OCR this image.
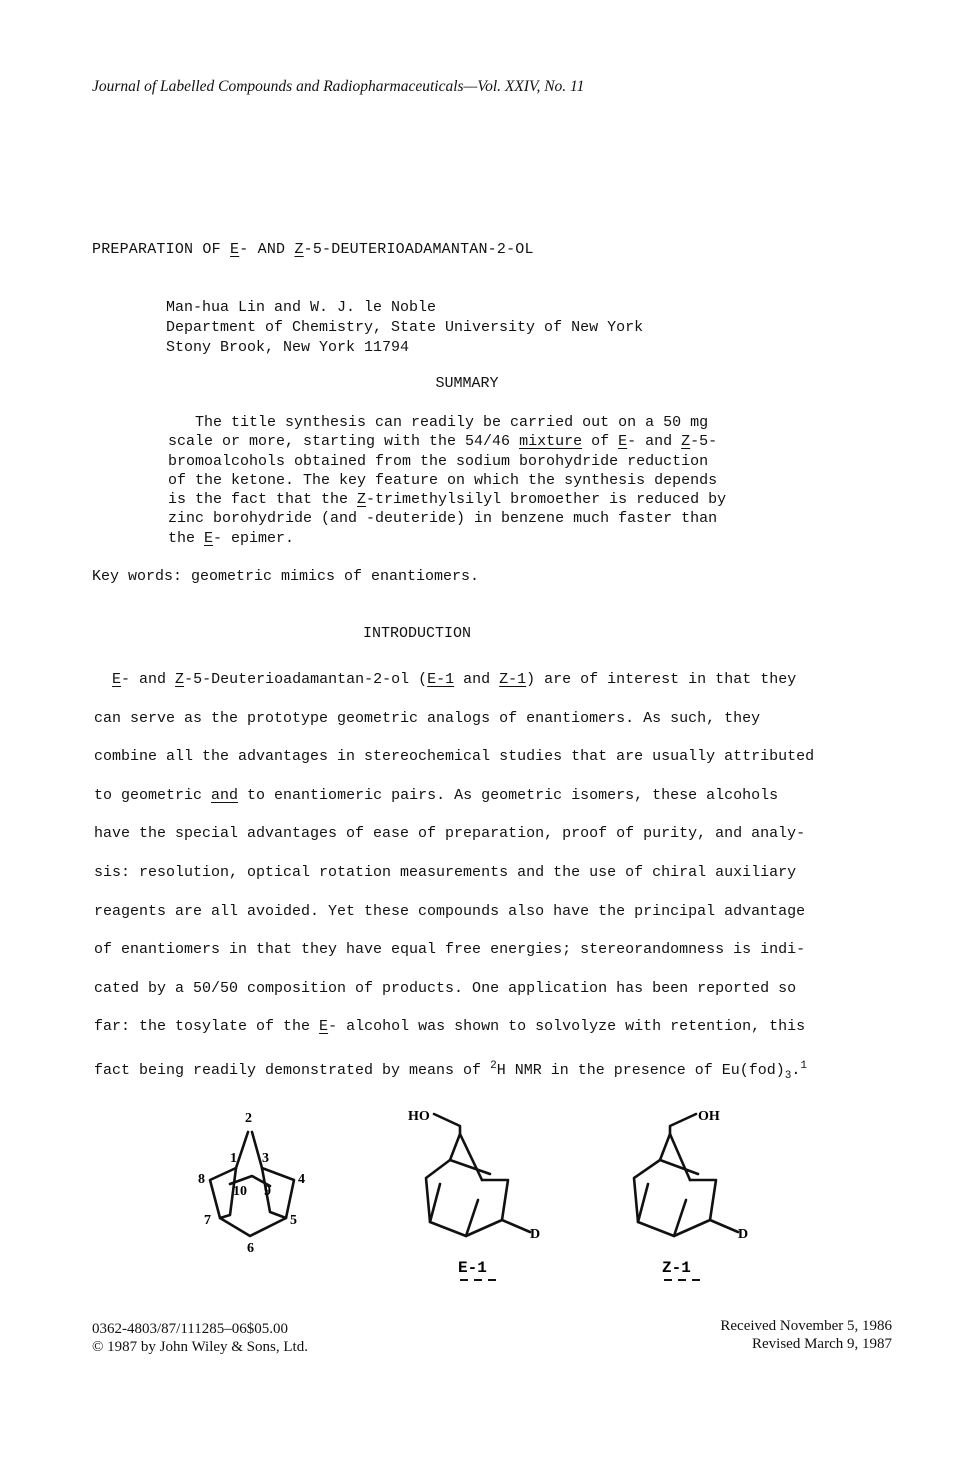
Journal of Labelled Compounds and Radiopharmaceuticals—Vol. XXIV, No. 11
PREPARATION OF E- AND Z-5-DEUTERIOADAMANTAN-2-OL
Man-hua Lin and W. J. le Noble
Department of Chemistry, State University of New York
Stony Brook, New York 11794
SUMMARY
The title synthesis can readily be carried out on a 50 mg
scale or more, starting with the 54/46 mixture of E- and Z-5-
bromoalcohols obtained from the sodium borohydride reduction
of the ketone. The key feature on which the synthesis depends
is the fact that the Z-trimethylsilyl bromoether is reduced by
zinc borohydride (and -deuteride) in benzene much faster than
the E- epimer.
Key words: geometric mimics of enantiomers.
INTRODUCTION
E- and Z-5-Deuterioadamantan-2-ol (E-1 and Z-1) are of interest in that they
can serve as the prototype geometric analogs of enantiomers. As such, they
combine all the advantages in stereochemical studies that are usually attributed
to geometric and to enantiomeric pairs. As geometric isomers, these alcohols
have the special advantages of ease of preparation, proof of purity, and analy-
sis: resolution, optical rotation measurements and the use of chiral auxiliary
reagents are all avoided. Yet these compounds also have the principal advantage
of enantiomers in that they have equal free energies; stereorandomness is indi-
cated by a 50/50 composition of products. One application has been reported so
far: the tosylate of the E- alcohol was shown to solvolyze with retention, this
fact being readily demonstrated by means of $^2$H NMR in the presence of $Eu(fod)_3.^1$
2
1 3
4
8
10 9
7	5
6
HO
D
E-1
OH
D
Z-1
0362-4803/87/111285–06$05.00
© 1987 by John Wiley & Sons, Ltd.
Received November 5, 1986
Revised March 9, 1987
